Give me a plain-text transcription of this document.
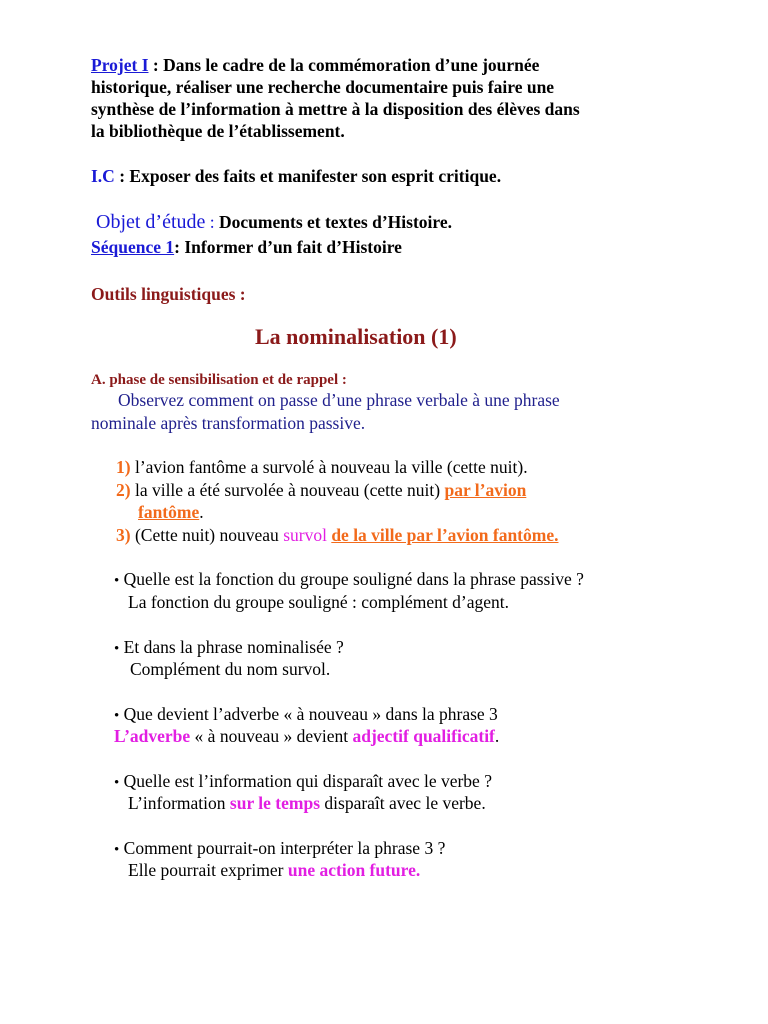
Projet I : Dans le cadre de la commémoration d’une journée
historique, réaliser une recherche documentaire puis faire une
synthèse de l’information à mettre à la disposition des élèves dans
la bibliothèque de l’établissement.
I.C : Exposer des faits et manifester son esprit critique.
Objet d’étude : Documents et textes d’Histoire.
Séquence 1: Informer d’un fait d’Histoire
Outils linguistiques :
La nominalisation (1)
A. phase de sensibilisation et de rappel :
Observez comment on passe d’une phrase verbale à une phrase
nominale après transformation passive.
1) l’avion fantôme a survolé à nouveau la ville (cette nuit).
2) la ville a été survolée à nouveau (cette nuit) par l’avion
fantôme.
3) (Cette nuit) nouveau survol de la ville par l’avion fantôme.
• Quelle est la fonction du groupe souligné dans la phrase passive ?
La fonction du groupe souligné : complément d’agent.
• Et dans la phrase nominalisée ?
Complément du nom survol.
• Que devient l’adverbe « à nouveau » dans la phrase 3
L’adverbe « à nouveau » devient adjectif qualificatif.
• Quelle est l’information qui disparaît avec le verbe ?
L’information sur le temps disparaît avec le verbe.
• Comment pourrait-on interpréter la phrase 3 ?
Elle pourrait exprimer une action future.
